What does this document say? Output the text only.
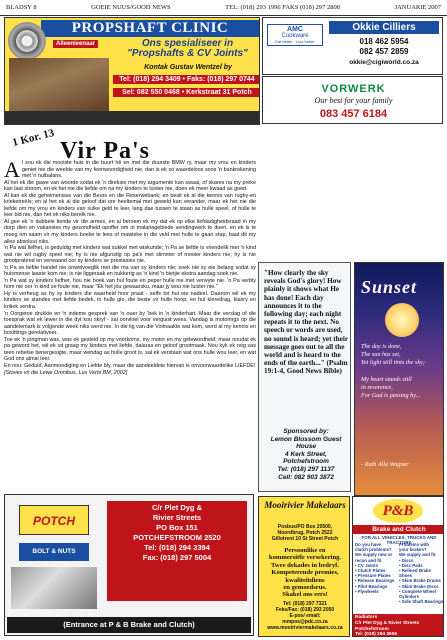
BLADSY 8	GOEIE NUUS/GOOD NEWS	TEL: (018) 293 1996 FAKS (018) 297 2808	JANUARIE 2007
PROPSHAFT CLINIC
Alleenieenaar	Ons spesialiseer in "Propshafts & CV Joints"
Kontak Gustav Wentzel by
Tel: (018) 294 3409 • Faks: (018) 297 0744
Sel: 082 550 0468 • Kerkstraat 31 Potch
AMC
Cookware
Eat better · Live better
Okkie Cilliers
018 462 5954
082 457 2859
okkie@cigiworld.co.za
VORWERK
Our best for your family
083 457 6184
1 Kor. 13
Vir Pa's
A l sou ek die mooiste huis in die buurt hê en met die duurste BMW ry, maar my vrou en kinders geniet nie die weelde van my feenwoordigheid nie, dan is ek so waardeloos soos 'n bankrekening met 'n nulbalans.

Al het ek die gawe van woorde sodat ek 'n direksie met my argumente kan swaai, of skares na my preke kan laat stroom, en ek het nie die liefde om na my kinders te luister nie, doen ek meer kwaad as goed.

Al kan ek die geheimenisse van die Beurs en die Reserwebank; en besit ek al die kennis van rugby-en krieketreëls; en al het ek al die geloof dat ore heeltemal met geweld kan verander, maar ek het nie die liefde om my vrou en kinders van sulke geld te leer, lang dae tussen te staan as hulle speel, of hulle te leer bid nie, dan het ek niks bereik nie.

Al gee ek 'n dubbele tiende vir die armes, en al beroem ek my dat ek op elke liefdadigheidsraad in my dorp dien en vakansies my gesondheid opoffer om in malariagebiede sendingwerk te doen, en ek is te moeg om saam vir my kinders boeke te lees of mawieke in die veld met hulle te gaan stap, baat dit my alles absoluut niks.

'n Pa wat liefhet, is geduldig met kinders wat sukkel met wiskunde; 'n Pa se liefde is vriendelik met 'n kind wat nie wil rugby speel nie; hy is nie afgunstig op pa's met slimmer of mooier kinders nie; hy is nie grootpratend en verwaand oor sy kinders se prestasies nie.

'n Pa se liefde handel nie onwelvoeglik met die ma van sy kinders nie; soek nie sy eie belang sodat sy huismense laaste kom nie; is nie liggeraak en nukkerig as 'n kind 'n bietjie ekstra aandag soek nie.

'n Pa wat sy kinders liefhet, hou nie boek van hul foute en peper hulle nie met verwyte nie. 'n Pa verbly hom nie oor 'n kind se foute nie, maar "Ek het jou gewaarsku, maar jy wou nie luister nie."

Hy is verheug as hy sy kinders die waarheid hoor praat - selfs tot hul eie nadeel. Daarom wil ek my kinders se standes met liefde bedek, in hulle glo, die beste vir hulle hoop, en hul kleredrag, klasry en kritiek verdra.

'n Oorgetoe drukkie en 'n indeme gesprek van 'n ouer by 'bek in 'n kinderhart. Maar die verslag of die toesprak wat ek lewer in die dyt kou skryf - sal oorvloei voor verguist wees. Vandag is motorings op die aandelemark is volgende week niks werd nie. In die lig van die Volmaakte wat kom, word al my kennis en bosittings gerelativeer.

Toe ek 'n jongman was, was ek gesteld op my voorkoms, my motor en my gelewordheid; maar noudat ek pa geword het, wil ek uit graag my kinders met liefde, dalaras en geloof grootmaak. Nou kyk ek nog vas teen rebelse tienergesigte, maar wendag as hulle groot is, sal ek verstaan wat ons hulle wou leer, en wat God ons almal leer.

En nou: Geduld, Aanmoediging en Liefde bly, maar die aandeeldeie hiervan is onvoorwaardelike LIEFDE!

[Stories vir die Lewe Omnibus, Lux Verbi BM, 2002]

"How clearly the sky reveals God's glory! How plainly it shows what He has done! Each day announces it to the following day; each night repeats it to the next. No speech or words are used, no sound is heard; yet their message goes out to all the world and is heard to the ends of the earth..." (Psalm 19:1-4, Good News Bible)
Sponsored by:
Lemon Blossom Guest House
4 Kerk Street, Potchefstroom
Tel: (018) 297 1137
Cell: 082 903 3872
Sunset
The day is done,
The sun has set,
Yet light still tints the sky;

My heart stands still
in reverence,
For God is passing by...
- Ruth Alla Wagner
POTCH
BOLT & NUTS
C/r Plet Dyg &
Rivier Streets
PO Box 151
POTCHEFSTROOM 2520
Tel: (018) 294 3394
Fax: (018) 297 5004
(Entrance at P & B Brake and Clutch)
Mooirivier Makelaars
Posbus/PO Box 20500,
Noordbrug, Potch 2522
Gillotrent 10 St Street Potch
Persoonlike en
kommersiële versekering.
Twee dekades in bedryf.
Kompeterende premies,
kwaliteitdiens
en gemoedsrus.
Skakel ons eers!
Tel: (018) 297 7321
Feks/Fax: (018) 293 2050
E-pos/ email:
mmpos@pdc.co.za
www.mooiriviermakelaars.co.za
P&B
Brake and Clutch
FOR ALL VEHICLES, TRUCKS AND TRACTORS
Do you have
clutch problems?
We supply new or
recon and fit
• CV Joints
• Clutch Plates
• Pressure Plates
• Release Bearings
• Pilot Bearings
• Flywheels
Problems with
your brakes?
We supply and fit
• Discs
• Disc Pads
• Relined Brake Shoes
• Skim Brake Drums
• Skim Brake Discs
• Complete Wheel Cylinders
• Side Shaft Bearings
Radiators
C/r Plet Dyg & Rivier Streets Potchefstroom
Tel: (018) 294 3956
